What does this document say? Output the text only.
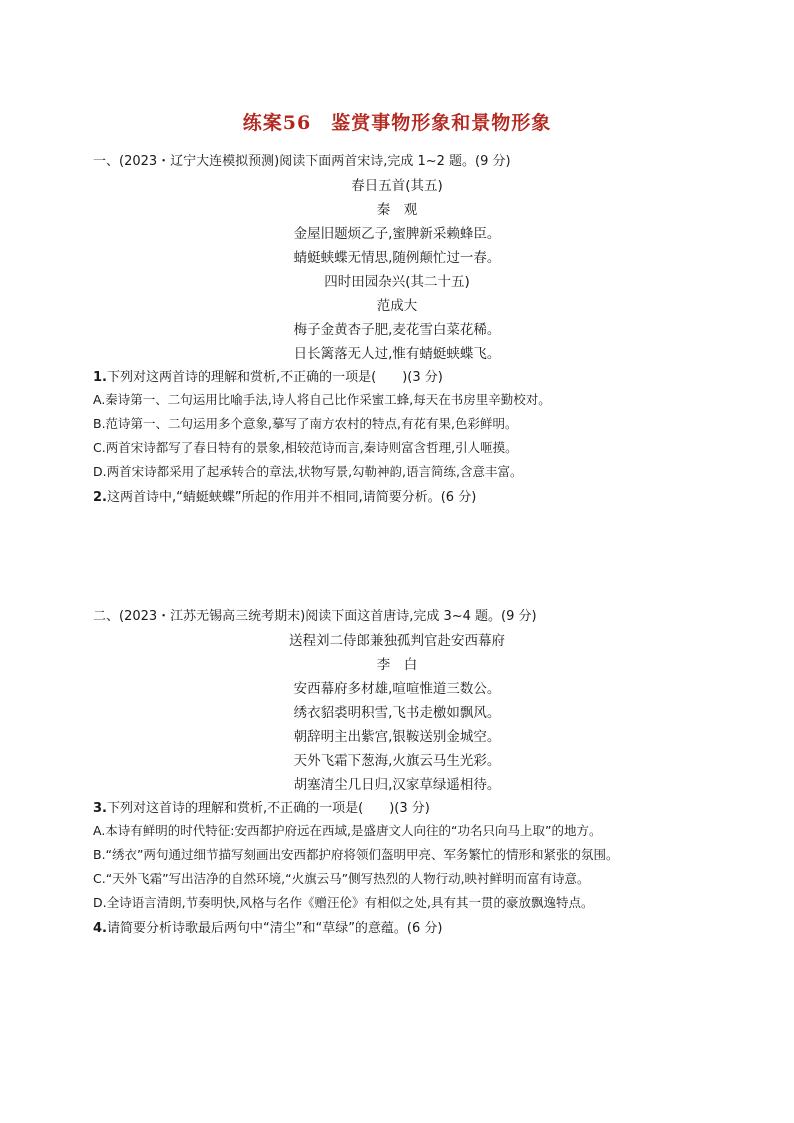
练案56　鉴赏事物形象和景物形象
一、(2023・辽宁大连模拟预测)阅读下面两首宋诗,完成 1~2 题。(9 分)
春日五首(其五)
秦　观
金屋旧题烦乙子,蜜脾新采赖蜂臣。
蜻蜓蛱蝶无情思,随例颠忙过一春。
四时田园杂兴(其二十五)
范成大
梅子金黄杏子肥,麦花雪白菜花稀。
日长篱落无人过,惟有蜻蜓蛱蝶飞。
1.下列对这两首诗的理解和赏析,不正确的一项是(　　)(3 分)
A.秦诗第一、二句运用比喻手法,诗人将自己比作采蜜工蜂,每天在书房里辛勤校对。
B.范诗第一、二句运用多个意象,摹写了南方农村的特点,有花有果,色彩鲜明。
C.两首宋诗都写了春日特有的景象,相较范诗而言,秦诗则富含哲理,引人咂摸。
D.两首宋诗都采用了起承转合的章法,状物写景,勾勒神韵,语言简练,含意丰富。
2.这两首诗中,“蜻蜓蛱蝶”所起的作用并不相同,请简要分析。(6 分)
二、(2023・江苏无锡高三统考期末)阅读下面这首唐诗,完成 3~4 题。(9 分)
送程刘二侍郎兼独孤判官赴安西幕府
李　白
安西幕府多材雄,喧喧惟道三数公。
绣衣貂裘明积雪,飞书走檄如飘风。
朝辞明主出紫宫,银鞍送别金城空。
天外飞霜下葱海,火旗云马生光彩。
胡塞清尘几日归,汉家草绿遥相待。
3.下列对这首诗的理解和赏析,不正确的一项是(　　)(3 分)
A.本诗有鲜明的时代特征:安西都护府远在西域,是盛唐文人向往的“功名只向马上取”的地方。
B.“绣衣”两句通过细节描写刻画出安西都护府将领们盔明甲亮、军务繁忙的情形和紧张的氛围。
C.“天外飞霜”写出洁净的自然环境,“火旗云马”侧写热烈的人物行动,映衬鲜明而富有诗意。
D.全诗语言清朗,节奏明快,风格与名作《赠汪伦》有相似之处,具有其一贯的豪放飘逸特点。
4.请简要分析诗歌最后两句中“清尘”和“草绿”的意蕴。(6 分)
